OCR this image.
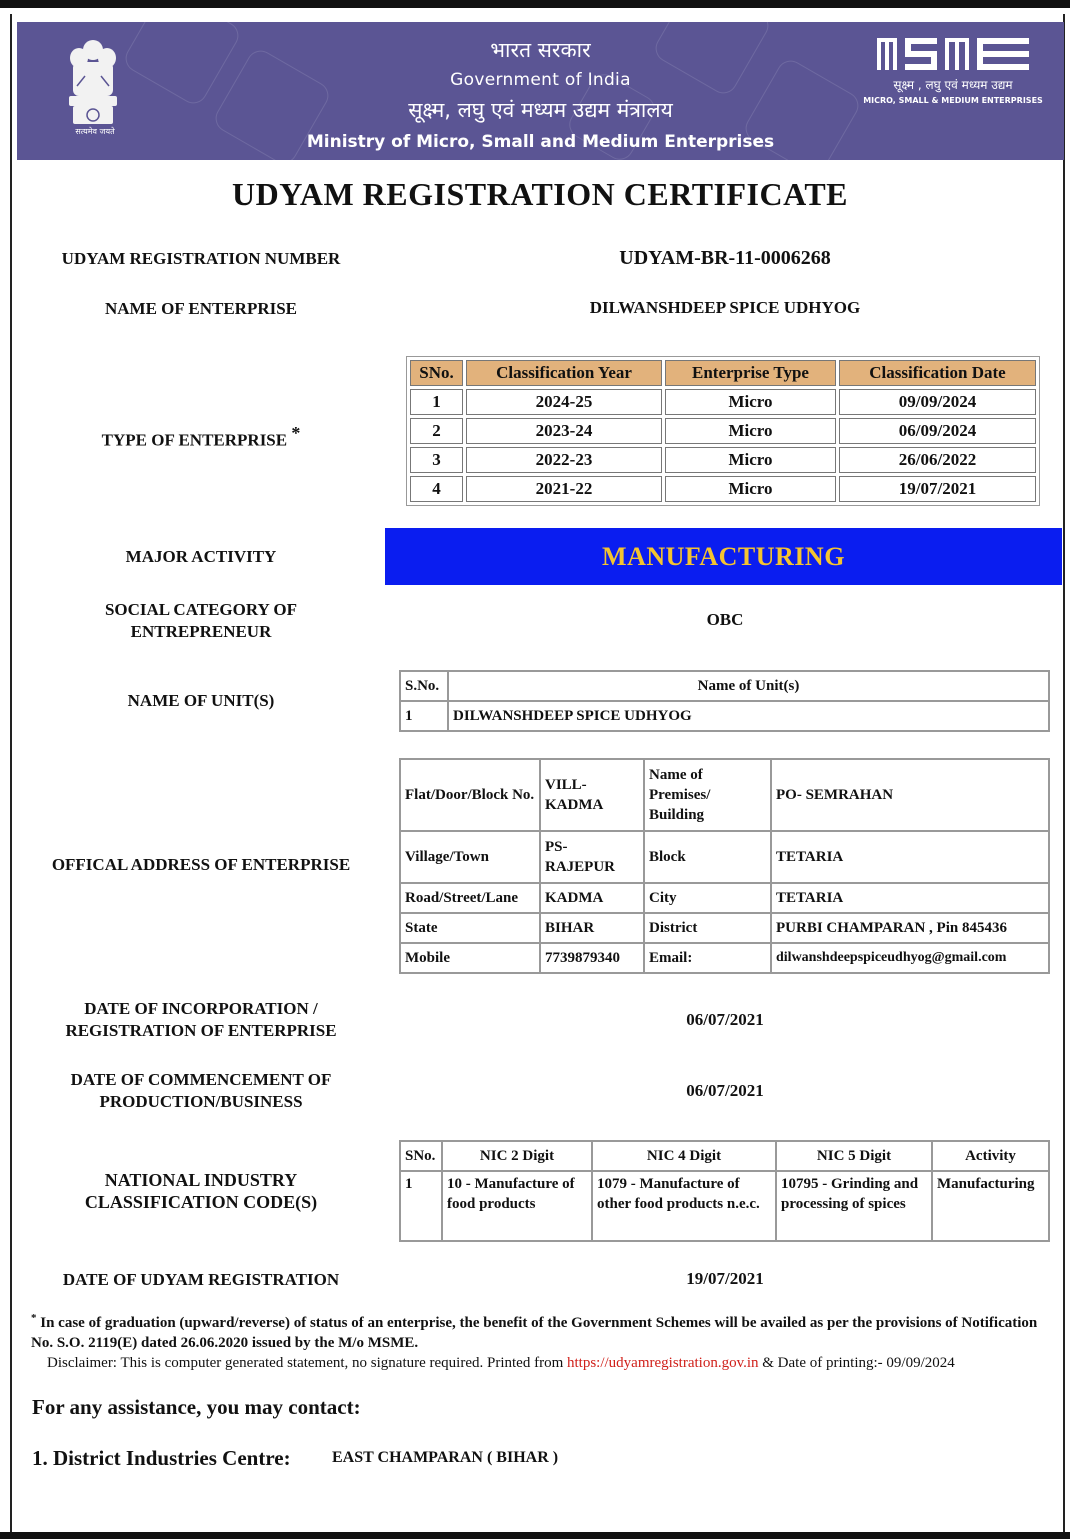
सत्यमेव जयते
भारत सरकार
Government of India
सूक्ष्म, लघु एवं मध्यम उद्यम मंत्रालय
Ministry of Micro, Small and Medium Enterprises
सूक्ष्म , लघु एवं मध्यम उद्यम
MICRO, SMALL & MEDIUM ENTERPRISES
UDYAM REGISTRATION CERTIFICATE
UDYAM REGISTRATION NUMBER	UDYAM-BR-11-0006268
NAME OF ENTERPRISE	DILWANSHDEEP SPICE UDHYOG
TYPE OF ENTERPRISE *
SNo.	Classification Year	Enterprise Type	Classification Date
1	2024-25	Micro	09/09/2024
2	2023-24	Micro	06/09/2024
3	2022-23	Micro	26/06/2022
4	2021-22	Micro	19/07/2021
MAJOR ACTIVITY	MANUFACTURING
SOCIAL CATEGORY OF
ENTREPRENEUR
OBC
NAME OF UNIT(S)
S.No.	Name of Unit(s)
1	DILWANSHDEEP SPICE UDHYOG
OFFICAL ADDRESS OF ENTERPRISE
Flat/Door/Block No.	VILL- KADMA	Name of Premises/ Building	PO- SEMRAHAN
Village/Town	PS- RAJEPUR	Block	TETARIA
Road/Street/Lane	KADMA	City	TETARIA
State	BIHAR	District	PURBI CHAMPARAN , Pin 845436
Mobile	7739879340	Email:	dilwanshdeepspiceudhyog@gmail.com
DATE OF INCORPORATION /
REGISTRATION OF ENTERPRISE
06/07/2021
DATE OF COMMENCEMENT OF
PRODUCTION/BUSINESS
06/07/2021
NATIONAL INDUSTRY
CLASSIFICATION CODE(S)
SNo.	NIC 2 Digit	NIC 4 Digit	NIC 5 Digit	Activity
1	10 - Manufacture of food products	1079 - Manufacture of other food products n.e.c.	10795 - Grinding and processing of spices	Manufacturing
DATE OF UDYAM REGISTRATION	19/07/2021
* In case of graduation (upward/reverse) of status of an enterprise, the benefit of the Government Schemes will be availed as per the provisions of Notification No. S.O. 2119(E) dated 26.06.2020 issued by the M/o MSME.
Disclaimer: This is computer generated statement, no signature required. Printed from https://udyamregistration.gov.in & Date of printing:- 09/09/2024
For any assistance, you may contact:
1. District Industries Centre:	EAST CHAMPARAN ( BIHAR )
